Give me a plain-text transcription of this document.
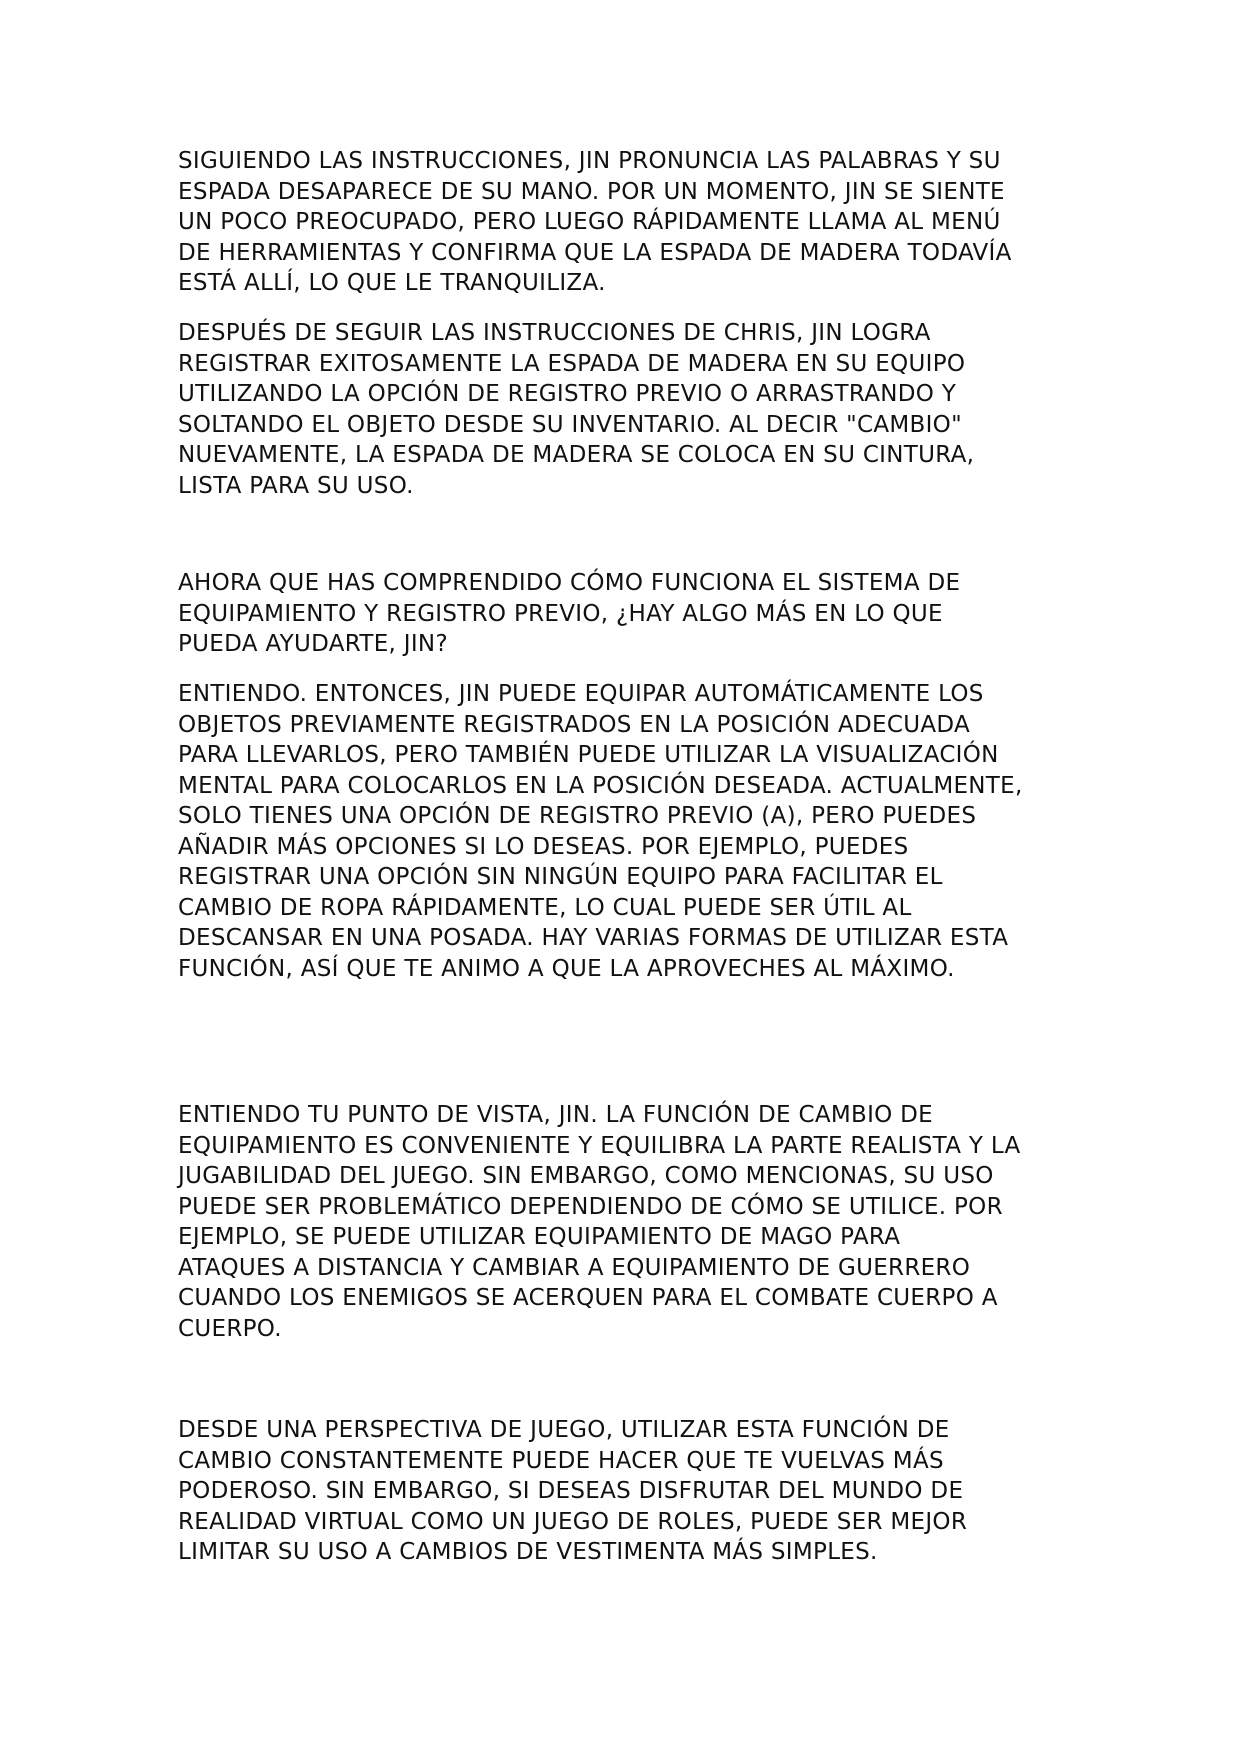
SIGUIENDO LAS INSTRUCCIONES, JIN PRONUNCIA LAS PALABRAS Y SU
ESPADA DESAPARECE DE SU MANO. POR UN MOMENTO, JIN SE SIENTE
UN POCO PREOCUPADO, PERO LUEGO RÁPIDAMENTE LLAMA AL MENÚ
DE HERRAMIENTAS Y CONFIRMA QUE LA ESPADA DE MADERA TODAVÍA
ESTÁ ALLÍ, LO QUE LE TRANQUILIZA.

DESPUÉS DE SEGUIR LAS INSTRUCCIONES DE CHRIS, JIN LOGRA
REGISTRAR EXITOSAMENTE LA ESPADA DE MADERA EN SU EQUIPO
UTILIZANDO LA OPCIÓN DE REGISTRO PREVIO O ARRASTRANDO Y
SOLTANDO EL OBJETO DESDE SU INVENTARIO. AL DECIR "CAMBIO"
NUEVAMENTE, LA ESPADA DE MADERA SE COLOCA EN SU CINTURA,
LISTA PARA SU USO.

AHORA QUE HAS COMPRENDIDO CÓMO FUNCIONA EL SISTEMA DE
EQUIPAMIENTO Y REGISTRO PREVIO, ¿HAY ALGO MÁS EN LO QUE
PUEDA AYUDARTE, JIN?

ENTIENDO. ENTONCES, JIN PUEDE EQUIPAR AUTOMÁTICAMENTE LOS
OBJETOS PREVIAMENTE REGISTRADOS EN LA POSICIÓN ADECUADA
PARA LLEVARLOS, PERO TAMBIÉN PUEDE UTILIZAR LA VISUALIZACIÓN
MENTAL PARA COLOCARLOS EN LA POSICIÓN DESEADA. ACTUALMENTE,
SOLO TIENES UNA OPCIÓN DE REGISTRO PREVIO (A), PERO PUEDES
AÑADIR MÁS OPCIONES SI LO DESEAS. POR EJEMPLO, PUEDES
REGISTRAR UNA OPCIÓN SIN NINGÚN EQUIPO PARA FACILITAR EL
CAMBIO DE ROPA RÁPIDAMENTE, LO CUAL PUEDE SER ÚTIL AL
DESCANSAR EN UNA POSADA. HAY VARIAS FORMAS DE UTILIZAR ESTA
FUNCIÓN, ASÍ QUE TE ANIMO A QUE LA APROVECHES AL MÁXIMO.

ENTIENDO TU PUNTO DE VISTA, JIN. LA FUNCIÓN DE CAMBIO DE
EQUIPAMIENTO ES CONVENIENTE Y EQUILIBRA LA PARTE REALISTA Y LA
JUGABILIDAD DEL JUEGO. SIN EMBARGO, COMO MENCIONAS, SU USO
PUEDE SER PROBLEMÁTICO DEPENDIENDO DE CÓMO SE UTILICE. POR
EJEMPLO, SE PUEDE UTILIZAR EQUIPAMIENTO DE MAGO PARA
ATAQUES A DISTANCIA Y CAMBIAR A EQUIPAMIENTO DE GUERRERO
CUANDO LOS ENEMIGOS SE ACERQUEN PARA EL COMBATE CUERPO A
CUERPO.

DESDE UNA PERSPECTIVA DE JUEGO, UTILIZAR ESTA FUNCIÓN DE
CAMBIO CONSTANTEMENTE PUEDE HACER QUE TE VUELVAS MÁS
PODEROSO. SIN EMBARGO, SI DESEAS DISFRUTAR DEL MUNDO DE
REALIDAD VIRTUAL COMO UN JUEGO DE ROLES, PUEDE SER MEJOR
LIMITAR SU USO A CAMBIOS DE VESTIMENTA MÁS SIMPLES.
